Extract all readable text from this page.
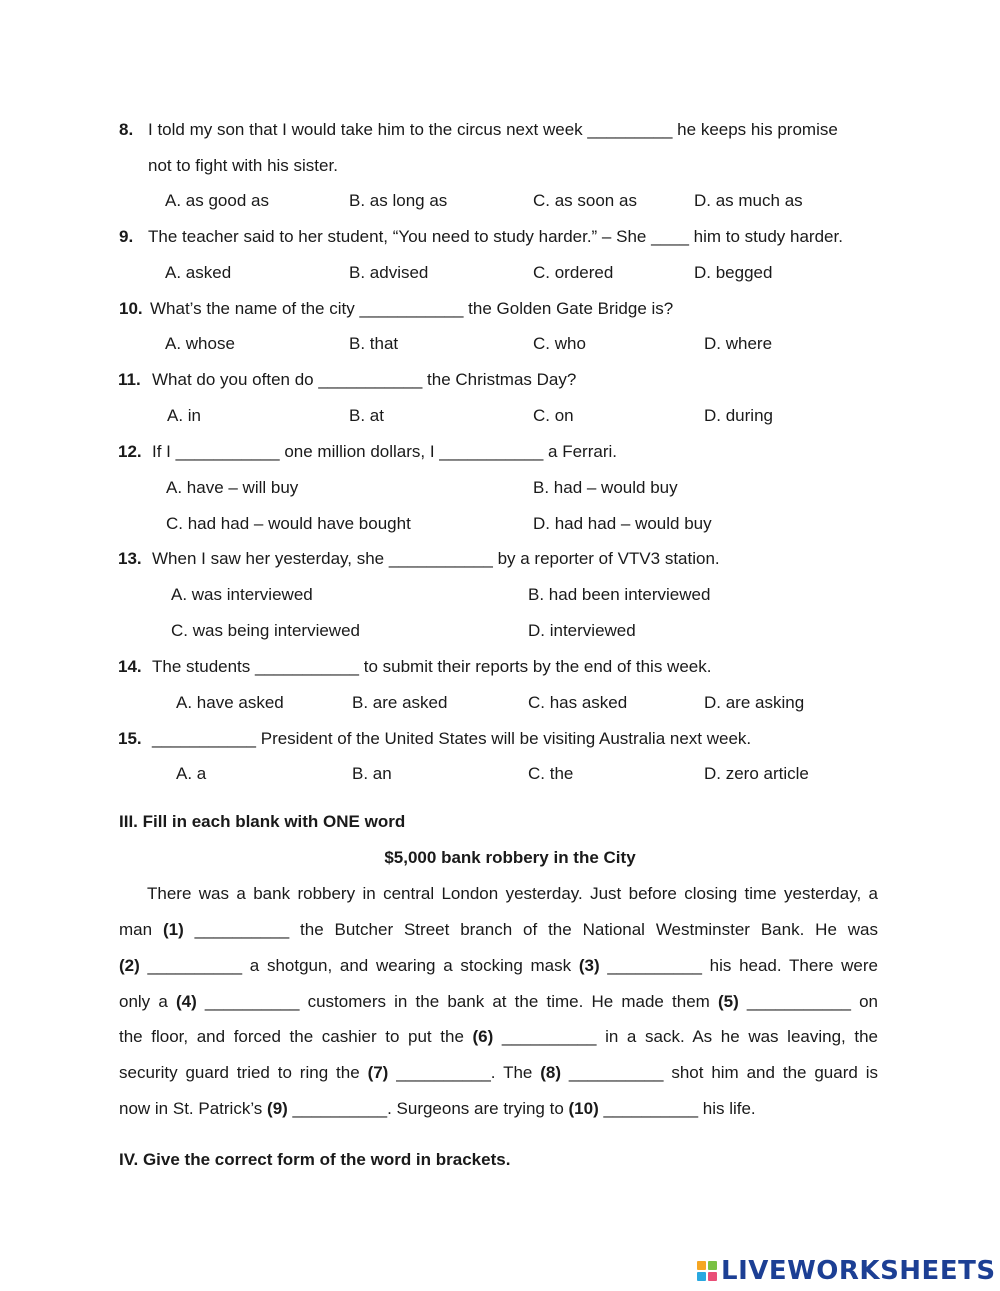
8. I told my son that I would take him to the circus next week _________ he keeps his promise
not to fight with his sister.
A. as good as	B. as long as	C. as soon as	D. as much as
9. The teacher said to her student, “You need to study harder.” – She ____ him to study harder.
A. asked	B. advised	C. ordered	D. begged
10. What’s the name of the city ___________ the Golden Gate Bridge is?
A. whose	B. that	C. who	D. where
11. What do you often do ___________ the Christmas Day?
A. in	B. at	C. on	D. during
12. If I ___________ one million dollars, I ___________ a Ferrari.
A. have – will buy	B. had – would buy
C. had had – would have bought	D. had had – would buy
13. When I saw her yesterday, she ___________ by a reporter of VTV3 station.
A. was interviewed	B. had been interviewed
C. was being interviewed	D. interviewed
14. The students ___________ to submit their reports by the end of this week.
A. have asked	B. are asked	C. has asked	D. are asking
15. ___________ President of the United States will be visiting Australia next week.
A. a	B. an	C. the	D. zero article
III. Fill in each blank with ONE word
$5,000 bank robbery in the City
There was a bank robbery in central London yesterday. Just before closing time yesterday, a
man (1) __________ the Butcher Street branch of the National Westminster Bank. He was
(2) __________ a shotgun, and wearing a stocking mask (3) __________ his head. There were
only a (4) __________ customers in the bank at the time. He made them (5) ___________ on
the floor, and forced the cashier to put the (6) __________ in a sack. As he was leaving, the
security guard tried to ring the (7) __________. The (8) __________ shot him and the guard is
now in St. Patrick’s (9) __________. Surgeons are trying to (10) __________ his life.
IV. Give the correct form of the word in brackets.
LIVEWORKSHEETS
